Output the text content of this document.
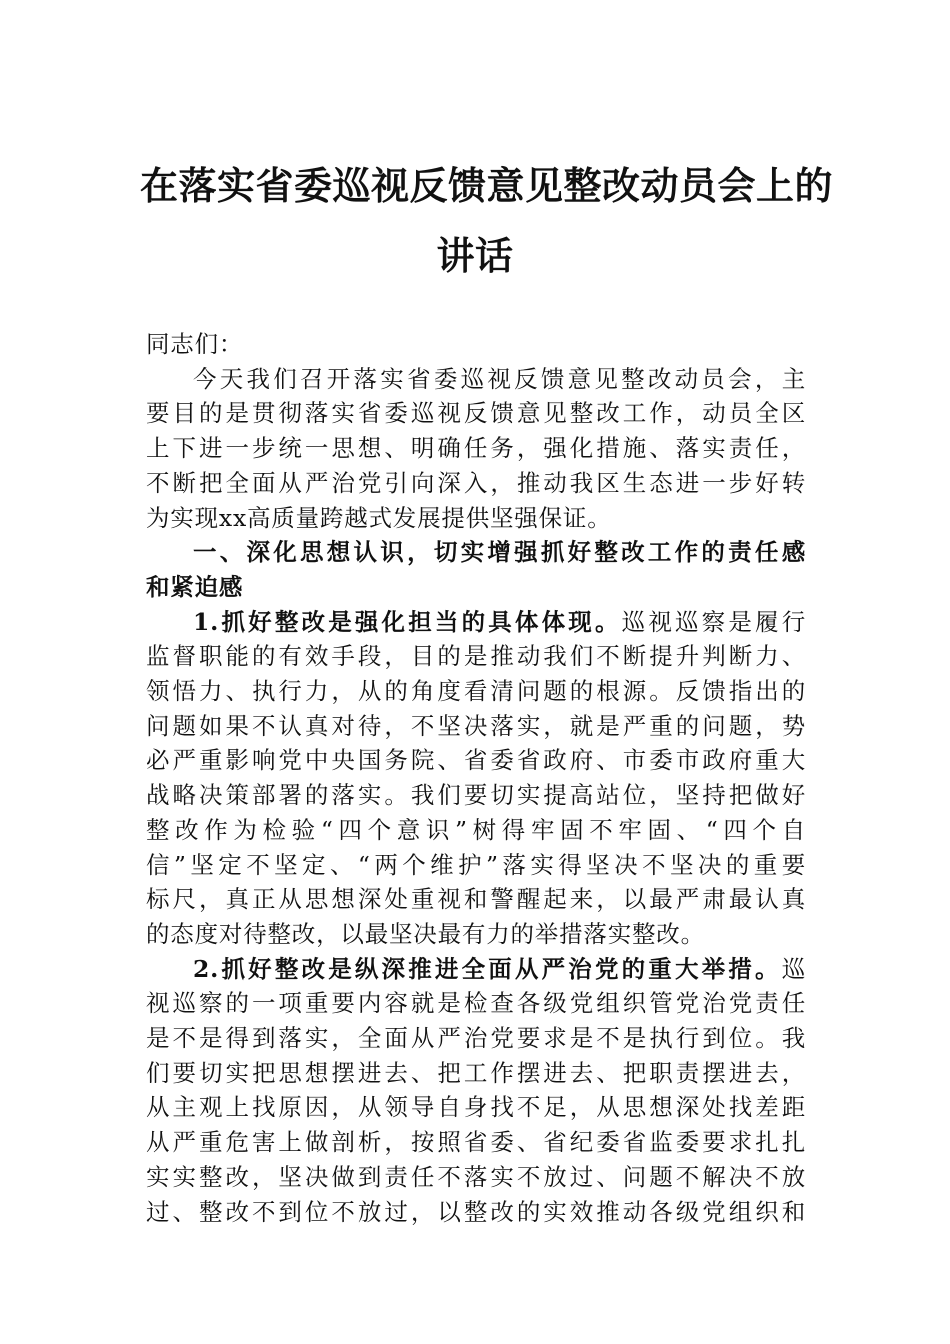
在落实省委巡视反馈意见整改动员会上的
讲话
同志们：
今天我们召开落实省委巡视反馈意见整改动员会，主
要目的是贯彻落实省委巡视反馈意见整改工作，动员全区
上下进一步统一思想、明确任务，强化措施、落实责任，
不断把全面从严治党引向深入，推动我区生态进一步好转
为实现xx高质量跨越式发展提供坚强保证。
一、深化思想认识，切实增强抓好整改工作的责任感
和紧迫感
1.抓好整改是强化担当的具体体现。巡视巡察是履行
监督职能的有效手段，目的是推动我们不断提升判断力、
领悟力、执行力，从的角度看清问题的根源。反馈指出的
问题如果不认真对待，不坚决落实，就是严重的问题，势
必严重影响党中央国务院、省委省政府、市委市政府重大
战略决策部署的落实。我们要切实提高站位，坚持把做好
整改作为检验“四个意识”树得牢固不牢固、“四个自
信”坚定不坚定、“两个维护”落实得坚决不坚决的重要
标尺，真正从思想深处重视和警醒起来，以最严肃最认真
的态度对待整改，以最坚决最有力的举措落实整改。
2.抓好整改是纵深推进全面从严治党的重大举措。巡
视巡察的一项重要内容就是检查各级党组织管党治党责任
是不是得到落实，全面从严治党要求是不是执行到位。我
们要切实把思想摆进去、把工作摆进去、把职责摆进去，
从主观上找原因，从领导自身找不足，从思想深处找差距
从严重危害上做剖析，按照省委、省纪委省监委要求扎扎
实实整改，坚决做到责任不落实不放过、问题不解决不放
过、整改不到位不放过，以整改的实效推动各级党组织和
